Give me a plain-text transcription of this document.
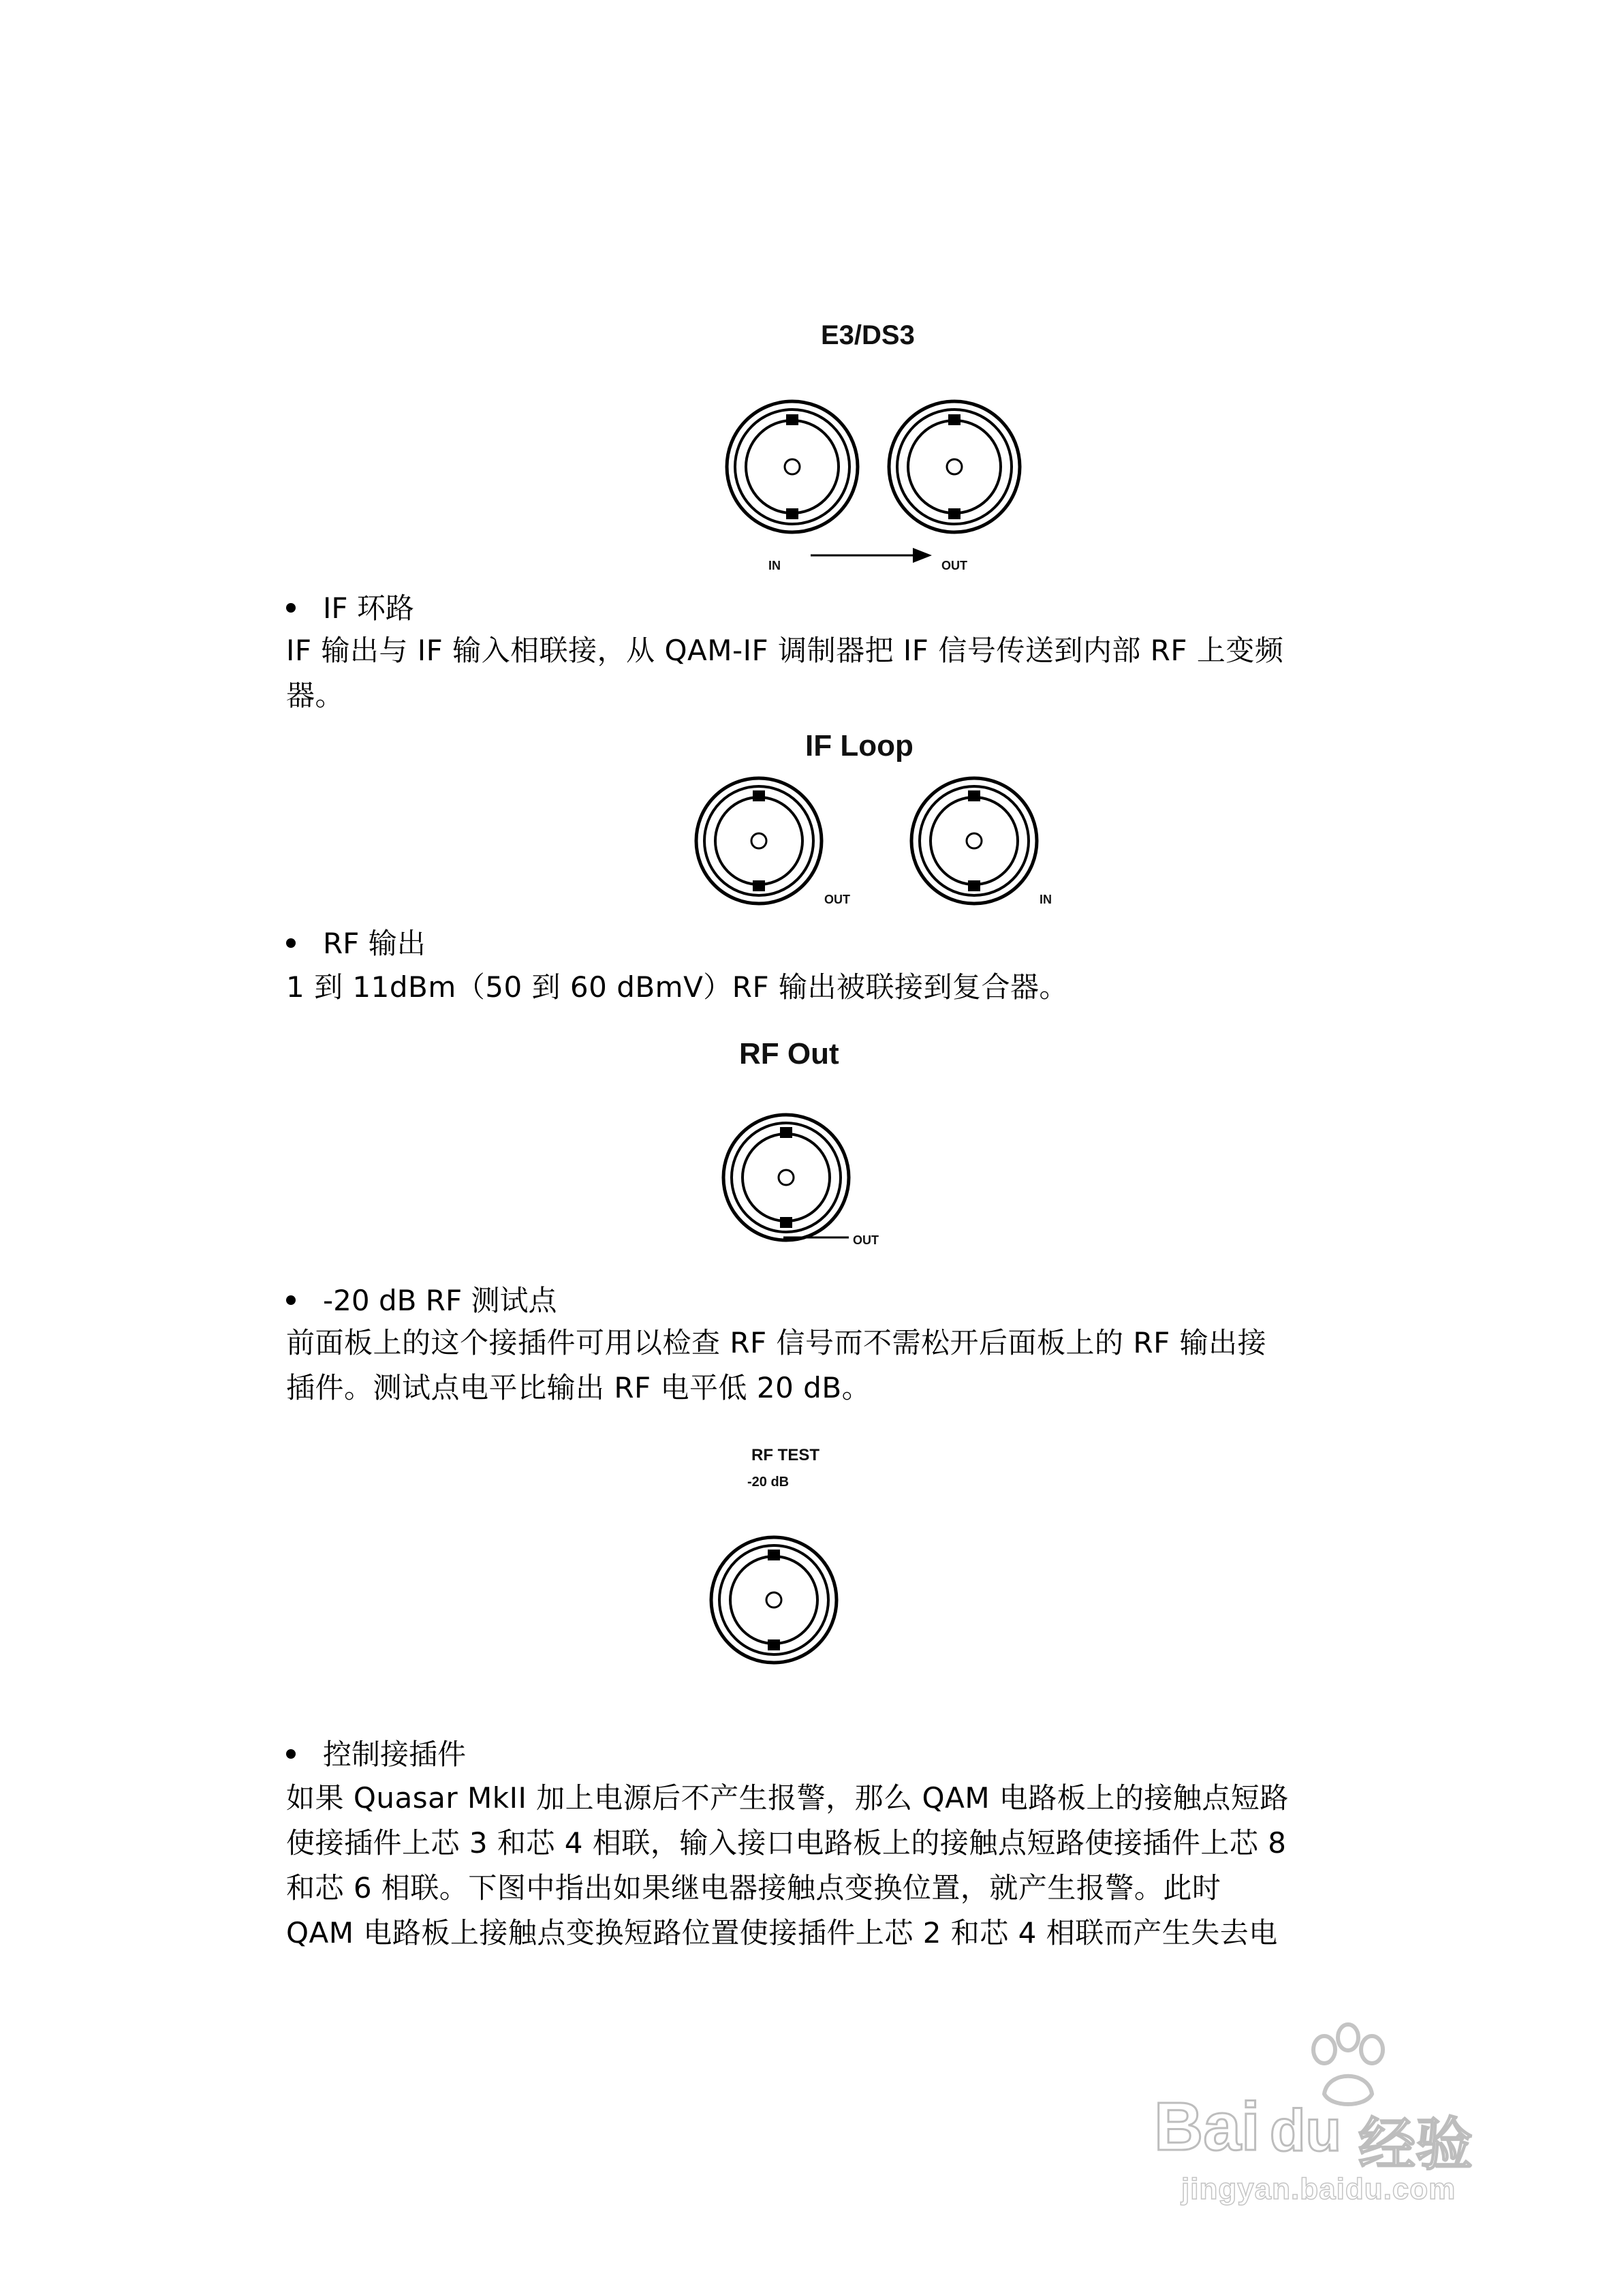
E3/DS3
IN	OUT
IF 环路
IF 输出与 IF 输入相联接，从 QAM-IF 调制器把 IF 信号传送到内部 RF 上变频
器。
IF Loop
OUT	IN
RF 输出
1 到 11dBm（50 到 60 dBmV）RF 输出被联接到复合器。
RF Out
OUT
-20 dB RF 测试点
前面板上的这个接插件可用以检查 RF 信号而不需松开后面板上的 RF 输出接
插件。测试点电平比输出 RF 电平低 20 dB。
RF TEST
-20 dB
控制接插件
如果 Quasar MkII 加上电源后不产生报警，那么 QAM 电路板上的接触点短路
使接插件上芯 3 和芯 4 相联，输入接口电路板上的接触点短路使接插件上芯 8
和芯 6 相联。下图中指出如果继电器接触点变换位置，就产生报警。此时
QAM 电路板上接触点变换短路位置使接插件上芯 2 和芯 4 相联而产生失去电
Bai du 经验
jingyan.baidu.com
